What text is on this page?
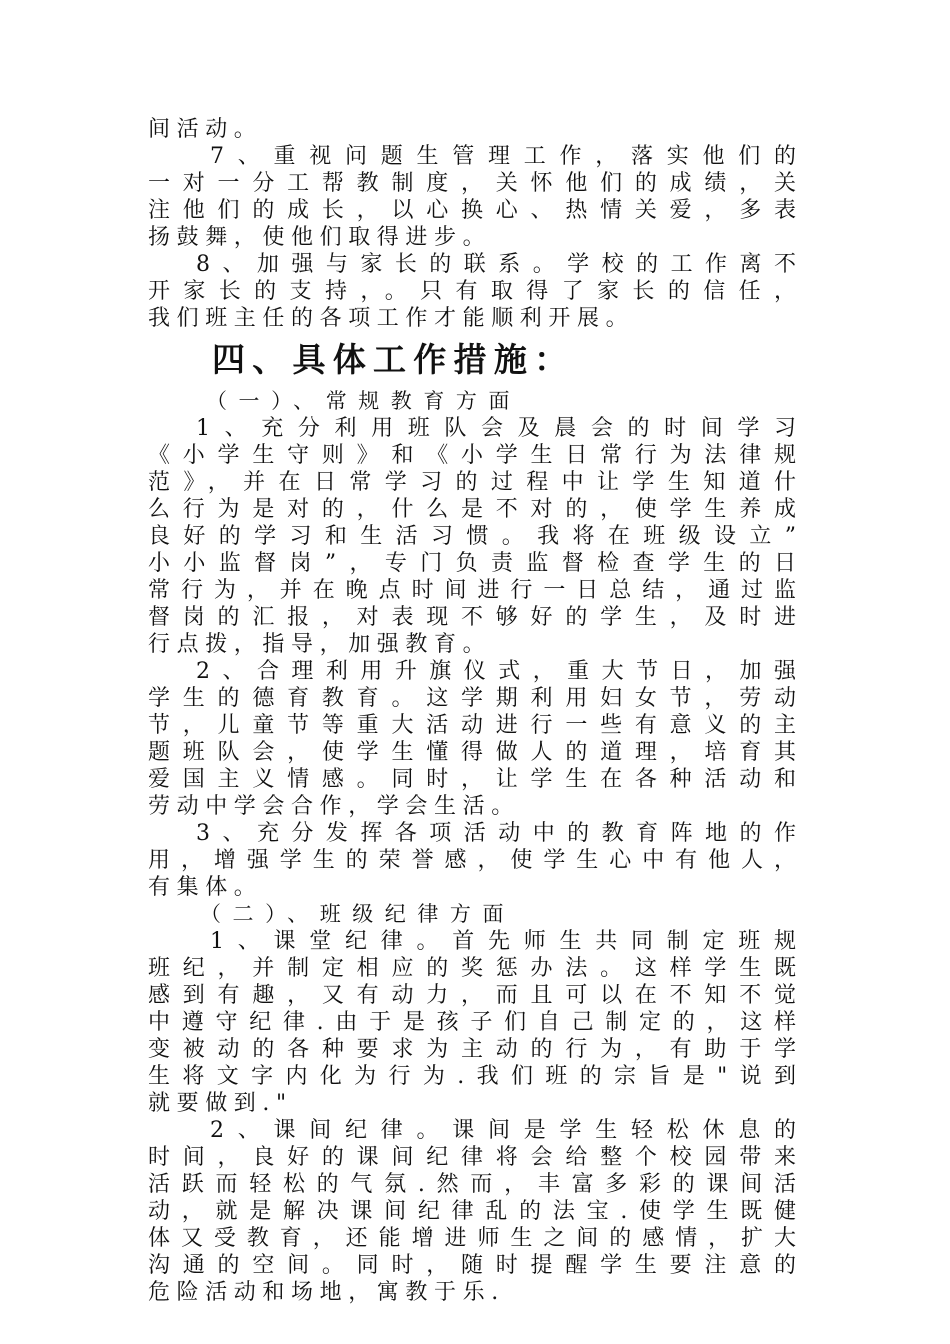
间活动。
7、重视问题生管理工作，落实他们的
一对一分工帮教制度，关怀他们的成绩，关
注他们的成长，以心换心、热情关爱，多表
扬鼓舞，使他们取得进步。
8、加强与家长的联系。学校的工作离不
开家长的支持，。只有取得了家长的信任，
我们班主任的各项工作才能顺利开展。
四、具体工作措施：
（一）、常规教育方面
1、充分利用班队会及晨会的时间学习
《小学生守则》和《小学生日常行为法律规
范》，并在日常学习的过程中让学生知道什
么行为是对的，什么是不对的，使学生养成
良好的学习和生活习惯。我将在班级设立”
小小监督岗”，专门负责监督检查学生的日
常行为，并在晚点时间进行一日总结，通过监
督岗的汇报，对表现不够好的学生，及时进
行点拨，指导，加强教育。
2、合理利用升旗仪式，重大节日，加强
学生的德育教育。这学期利用妇女节，劳动
节，儿童节等重大活动进行一些有意义的主
题班队会，使学生懂得做人的道理，培育其
爱国主义情感。同时，让学生在各种活动和
劳动中学会合作，学会生活。
3、充分发挥各项活动中的教育阵地的作
用，增强学生的荣誉感，使学生心中有他人，
有集体。
（二）、班级纪律方面
1、课堂纪律。首先师生共同制定班规
班纪，并制定相应的奖惩办法。这样学生既
感到有趣，又有动力，而且可以在不知不觉
中遵守纪律.由于是孩子们自己制定的，这样
变被动的各种要求为主动的行为，有助于学
生将文字内化为行为.我们班的宗旨是"说到
就要做到."
2、课间纪律。课间是学生轻松休息的
时间，良好的课间纪律将会给整个校园带来
活跃而轻松的气氛.然而，丰富多彩的课间活
动，就是解决课间纪律乱的法宝.使学生既健
体又受教育，还能增进师生之间的感情，扩大
沟通的空间。同时，随时提醒学生要注意的
危险活动和场地，寓教于乐.
